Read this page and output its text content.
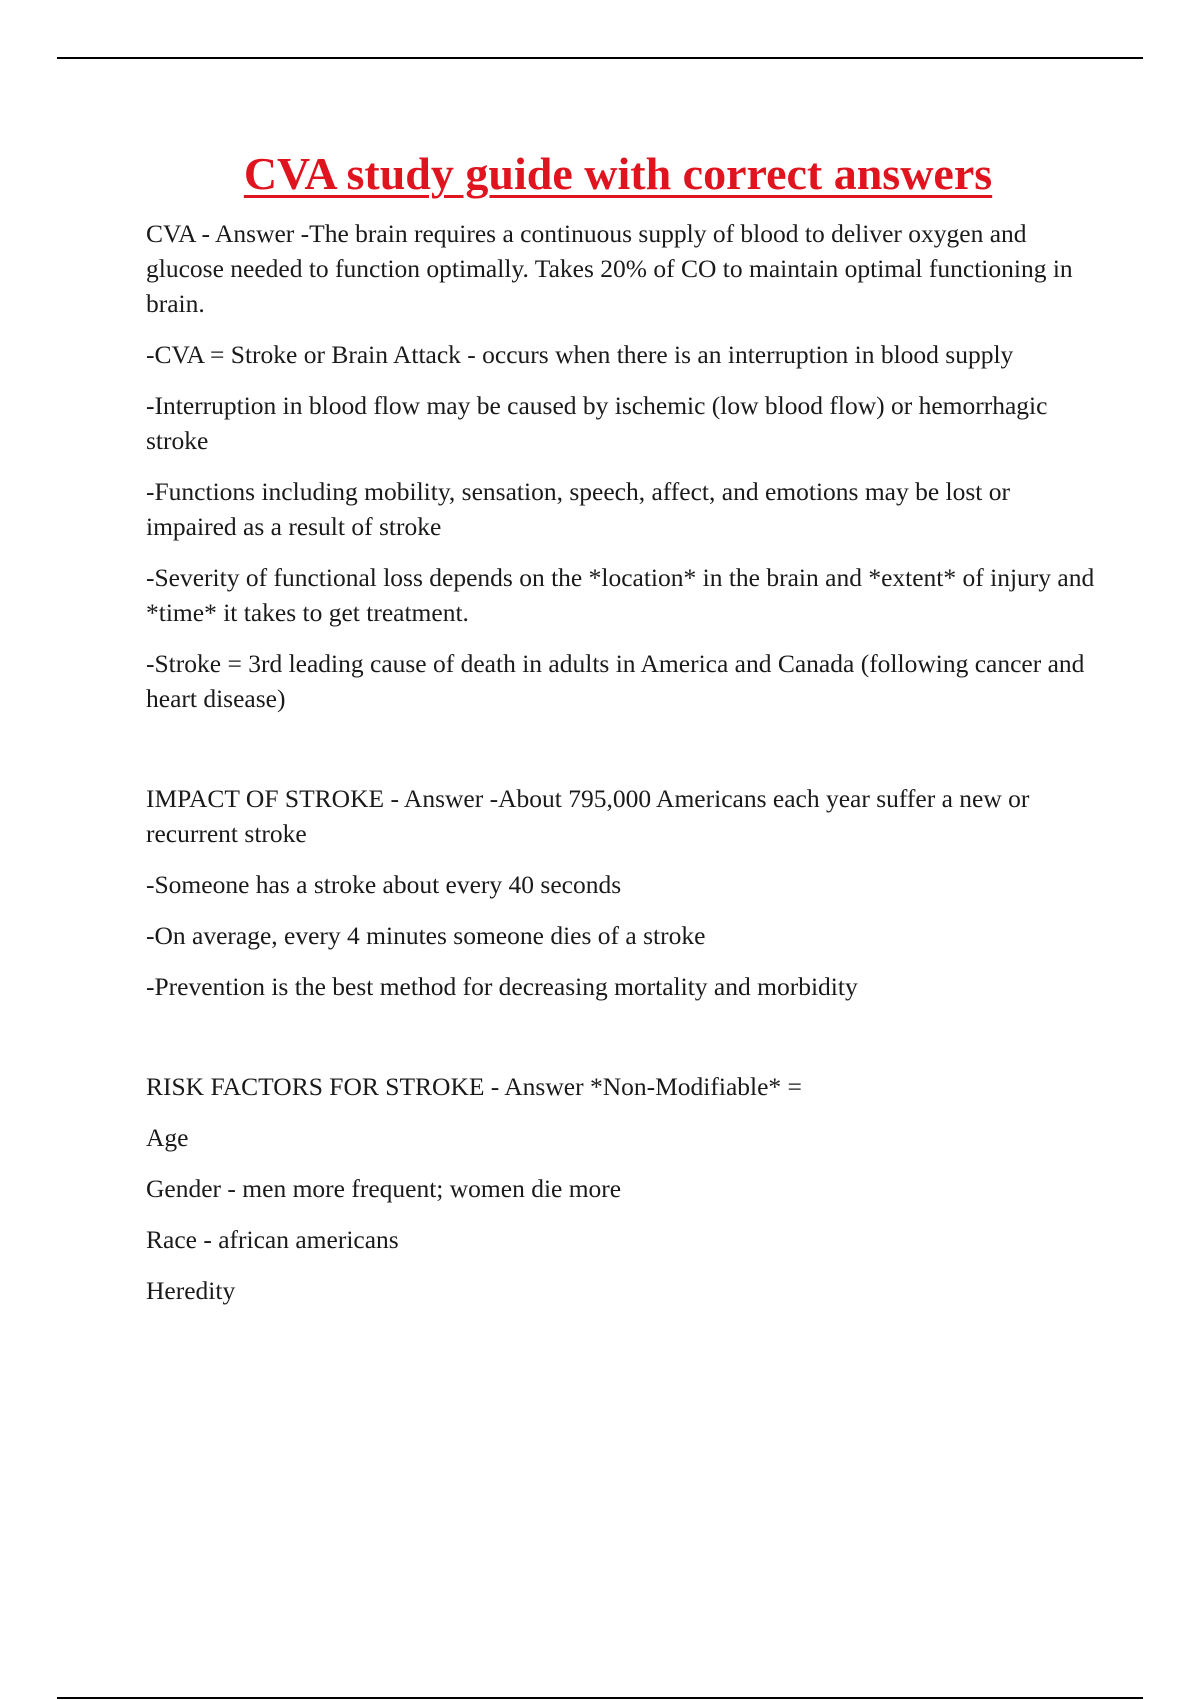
CVA study guide with correct answers

CVA - Answer -The brain requires a continuous supply of blood to deliver oxygen and glucose needed to function optimally. Takes 20% of CO to maintain optimal functioning in brain.

-CVA = Stroke or Brain Attack - occurs when there is an interruption in blood supply

-Interruption in blood flow may be caused by ischemic (low blood flow) or hemorrhagic stroke

-Functions including mobility, sensation, speech, affect, and emotions may be lost or impaired as a result of stroke

-Severity of functional loss depends on the *location* in the brain and *extent* of injury and *time* it takes to get treatment.

-Stroke = 3rd leading cause of death in adults in America and Canada (following cancer and heart disease)

IMPACT OF STROKE - Answer -About 795,000 Americans each year suffer a new or recurrent stroke

-Someone has a stroke about every 40 seconds

-On average, every 4 minutes someone dies of a stroke

-Prevention is the best method for decreasing mortality and morbidity

RISK FACTORS FOR STROKE - Answer *Non-Modifiable* =

Age

Gender - men more frequent; women die more

Race - african americans

Heredity
